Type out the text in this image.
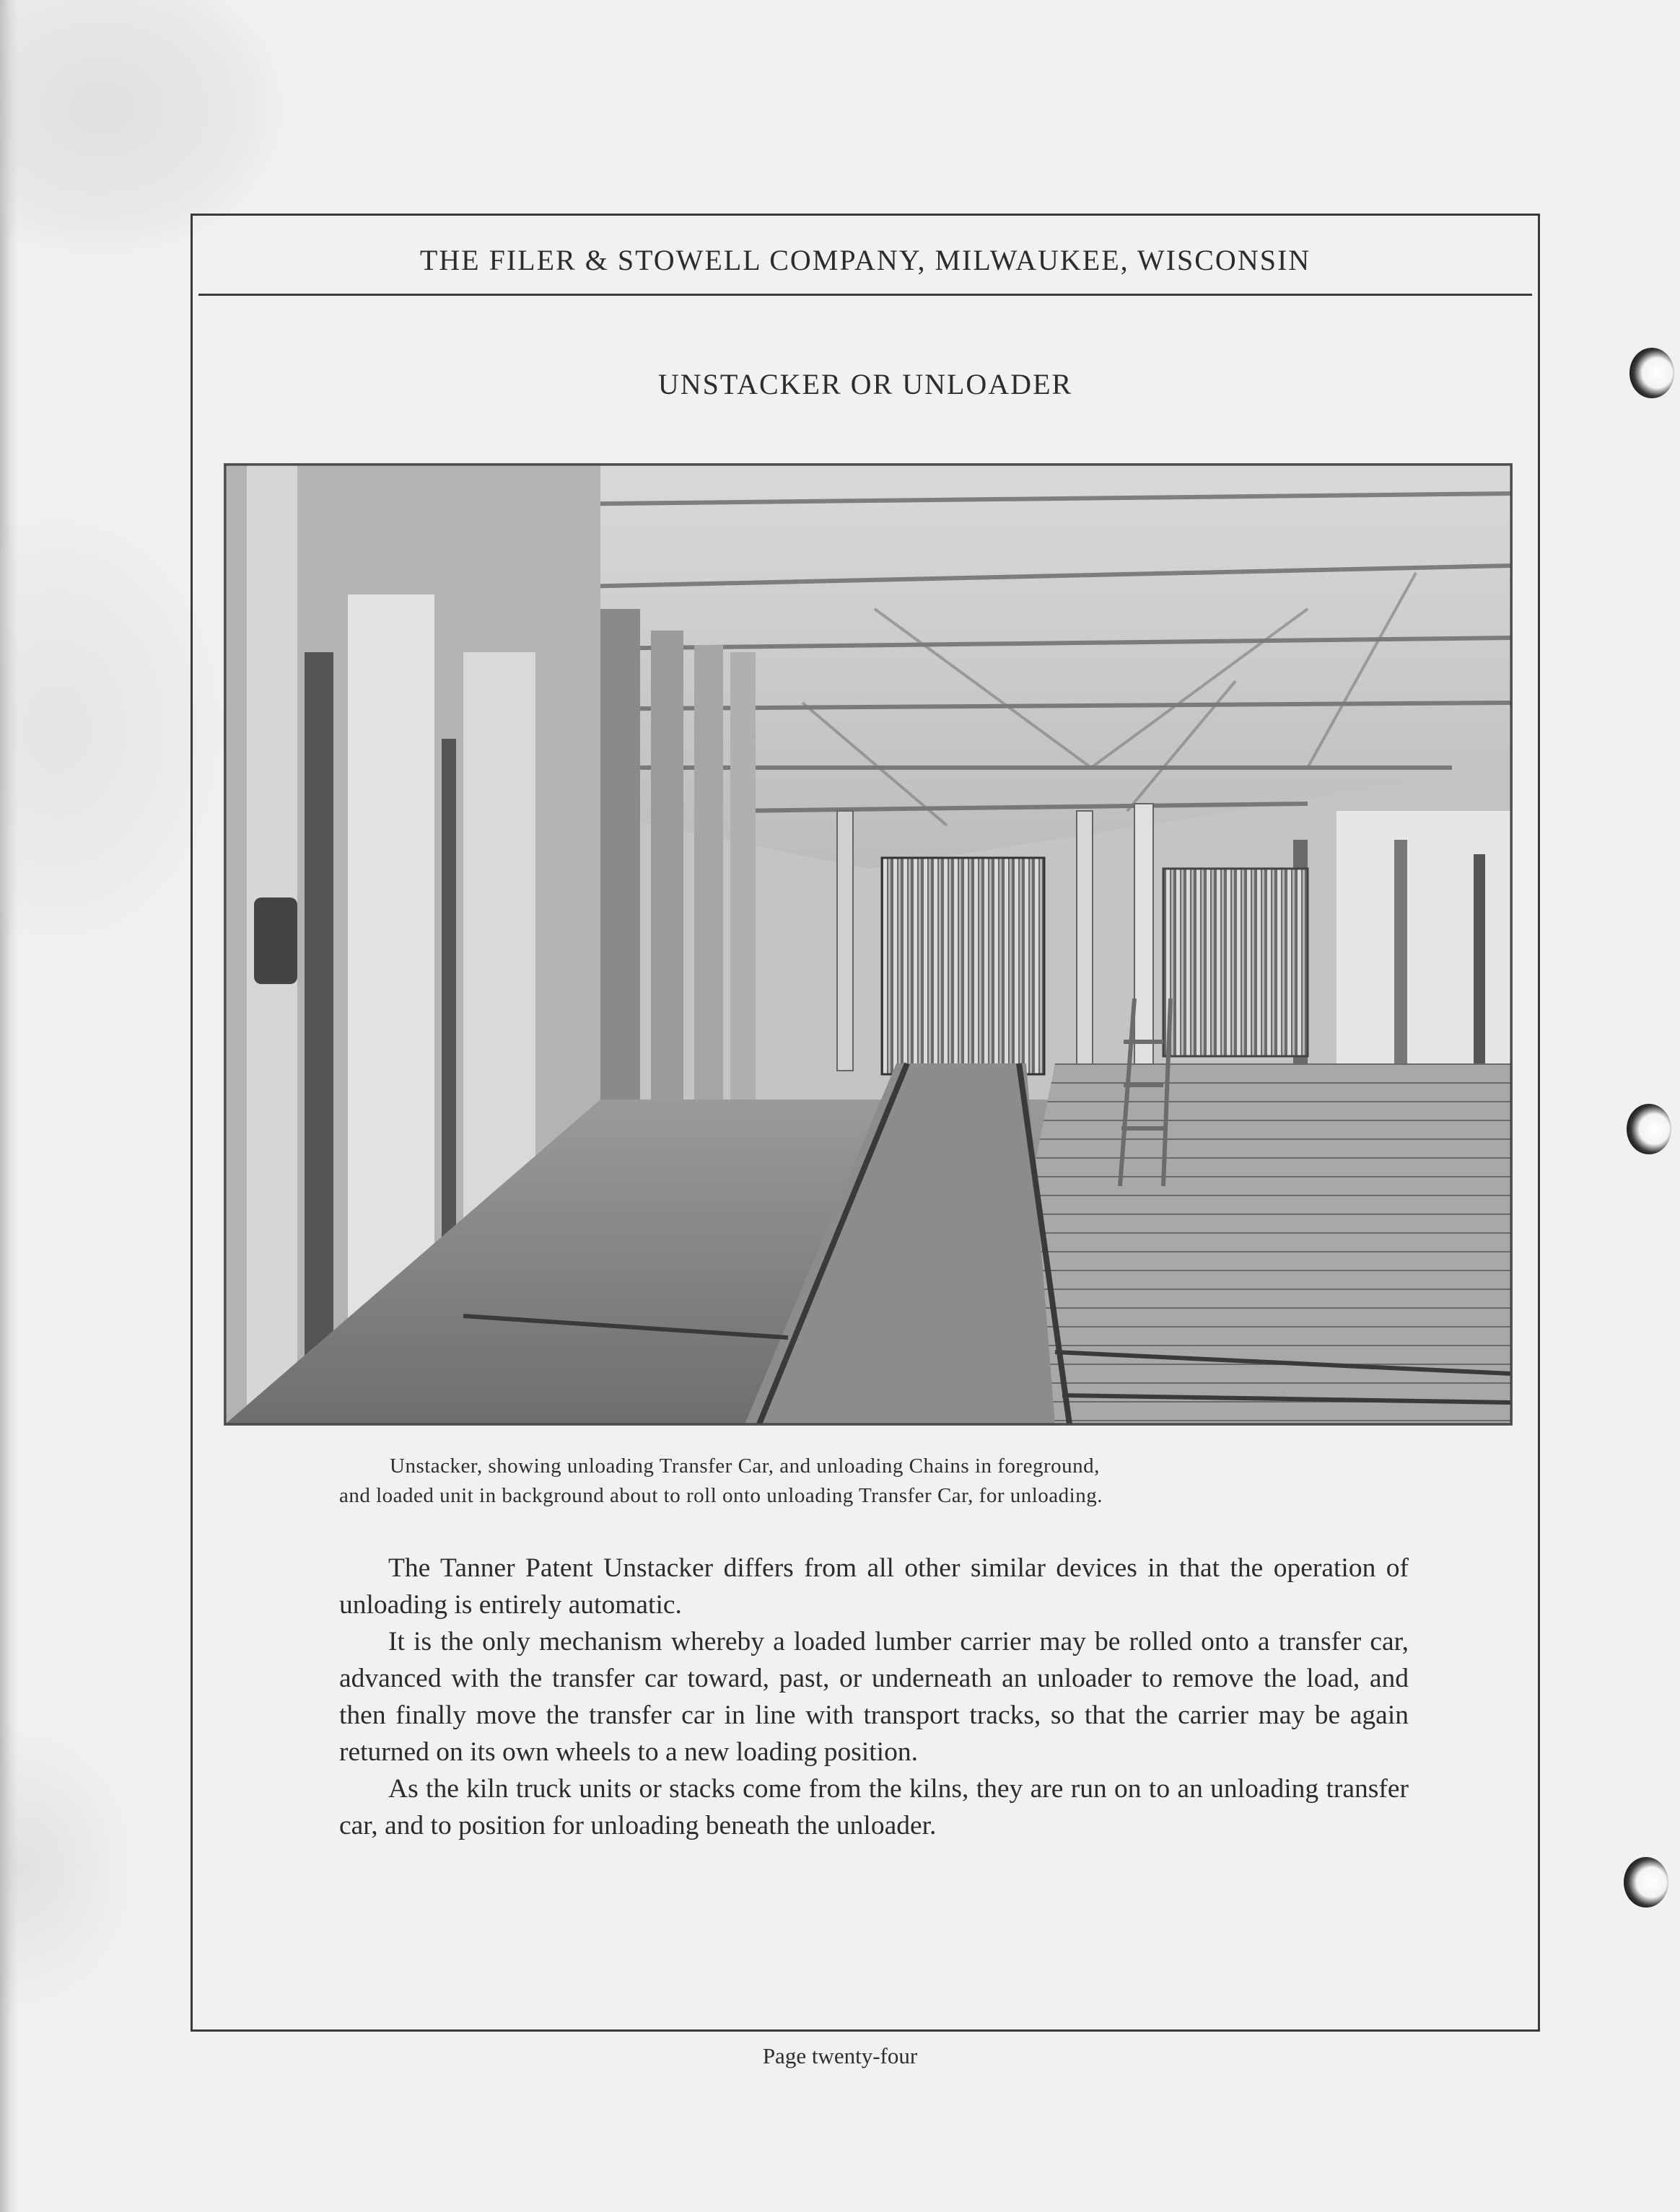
THE FILER & STOWELL COMPANY, MILWAUKEE, WISCONSIN
UNSTACKER OR UNLOADER

Unstacker, showing unloading Transfer Car, and unloading Chains in foreground,

and loaded unit in background about to roll onto unloading Transfer Car, for unloading.

The Tanner Patent Unstacker differs from all other similar devices in that the operation of unloading is entirely automatic.

It is the only mechanism whereby a loaded lumber carrier may be rolled onto a transfer car, advanced with the transfer car toward, past, or underneath an unloader to remove the load, and then finally move the transfer car in line with transport tracks, so that the carrier may be again returned on its own wheels to a new loading position.

As the kiln truck units or stacks come from the kilns, they are run on to an unloading transfer car, and to position for unloading beneath the unloader.

Page twenty-four
